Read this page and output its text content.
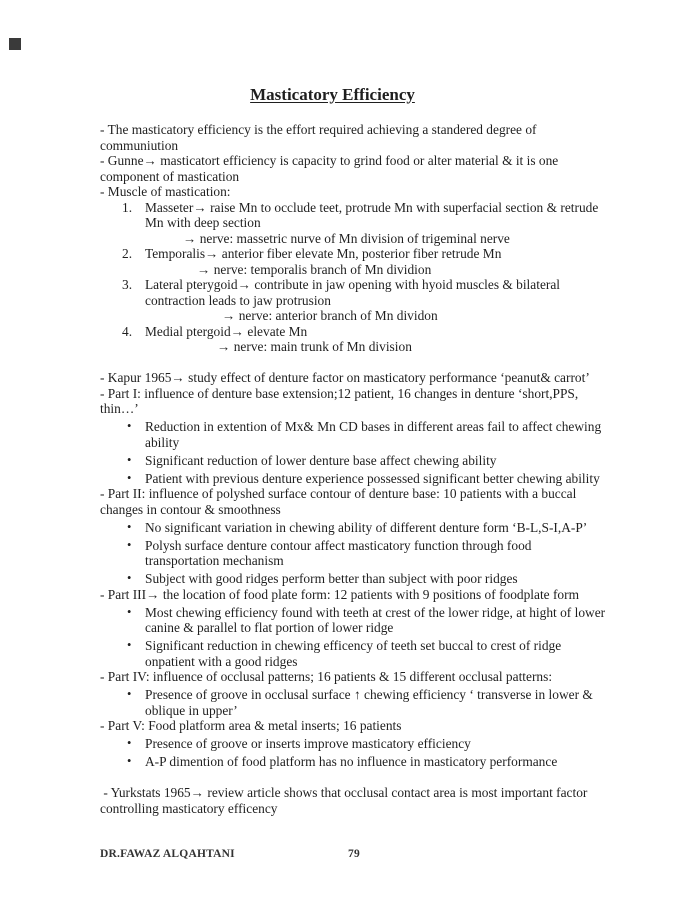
Masticatory Efficiency
- The masticatory efficiency is the effort required achieving a standered degree of
communiution
- Gunne→ masticatort efficiency is capacity to grind food or alter material & it is one
component of mastication
- Muscle of mastication:
1. Masseter→ raise Mn to occlude teet, protrude Mn with superfacial section & retrude
Mn with deep section
→ nerve: massetric nurve of Mn division of trigeminal nerve
2. Temporalis→ anterior fiber elevate Mn, posterior fiber retrude Mn
→ nerve: temporalis branch of Mn dividion
3. Lateral pterygoid→ contribute in jaw opening with hyoid muscles & bilateral
contraction leads to jaw protrusion
→ nerve: anterior branch of Mn dividon
4. Medial ptergoid→ elevate Mn
→ nerve: main trunk of Mn division
- Kapur 1965→ study effect of denture factor on masticatory performance ‘peanut& carrot’
- Part I: influence of denture base extension;12 patient, 16 changes in denture ‘short,PPS,
thin…’
•	Reduction in extention of Mx& Mn CD bases in different areas fail to affect chewing
ability
•	Significant reduction of lower denture base affect chewing ability
•	Patient with previous denture experience possessed significant better chewing ability
- Part II: influence of polyshed surface contour of denture base: 10 patients with a buccal
changes in contour & smoothness
•	No significant variation in chewing ability of different denture form ‘B-L,S-I,A-P’
•	Polysh surface denture contour affect masticatory function through food
transportation mechanism
•	Subject with good ridges perform better than subject with poor ridges
- Part III→ the location of food plate form: 12 patients with 9 positions of foodplate form
•	Most chewing efficiency found with teeth at crest of the lower ridge, at hight of lower
canine & parallel to flat portion of lower ridge
•	Significant reduction in chewing efficency of teeth set buccal to crest of ridge
onpatient with a good ridges
- Part IV: influence of occlusal patterns; 16 patients & 15 different occlusal patterns:
•	Presence of groove in occlusal surface ↑ chewing efficiency ‘ transverse in lower &
oblique in upper’
- Part V: Food platform area & metal inserts; 16 patients
•	Presence of groove or inserts improve masticatory efficiency
•	A-P dimention of food platform has no influence in masticatory performance
- Yurkstats 1965→ review article shows that occlusal contact area is most important factor
controlling masticatory efficency
DR.FAWAZ ALQAHTANI	79
